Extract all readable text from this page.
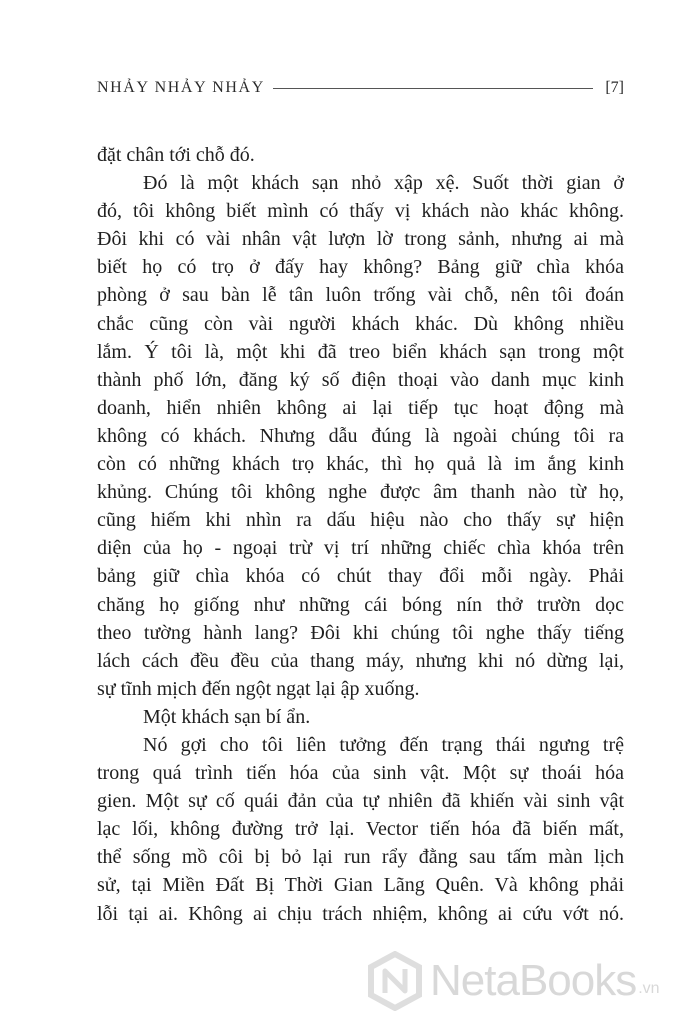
NHẢY NHẢY NHẢY	[7]
đặt chân tới chỗ đó.
Đó là một khách sạn nhỏ xập xệ. Suốt thời gian ở
đó, tôi không biết mình có thấy vị khách nào khác không.
Đôi khi có vài nhân vật lượn lờ trong sảnh, nhưng ai mà
biết họ có trọ ở đấy hay không? Bảng giữ chìa khóa
phòng ở sau bàn lễ tân luôn trống vài chỗ, nên tôi đoán
chắc cũng còn vài người khách khác. Dù không nhiều
lắm. Ý tôi là, một khi đã treo biển khách sạn trong một
thành phố lớn, đăng ký số điện thoại vào danh mục kinh
doanh, hiển nhiên không ai lại tiếp tục hoạt động mà
không có khách. Nhưng dẫu đúng là ngoài chúng tôi ra
còn có những khách trọ khác, thì họ quả là im ắng kinh
khủng. Chúng tôi không nghe được âm thanh nào từ họ,
cũng hiếm khi nhìn ra dấu hiệu nào cho thấy sự hiện
diện của họ - ngoại trừ vị trí những chiếc chìa khóa trên
bảng giữ chìa khóa có chút thay đổi mỗi ngày. Phải
chăng họ giống như những cái bóng nín thở trườn dọc
theo tường hành lang? Đôi khi chúng tôi nghe thấy tiếng
lách cách đều đều của thang máy, nhưng khi nó dừng lại,
sự tĩnh mịch đến ngột ngạt lại ập xuống.
Một khách sạn bí ẩn.
Nó gợi cho tôi liên tưởng đến trạng thái ngưng trệ
trong quá trình tiến hóa của sinh vật. Một sự thoái hóa
gien. Một sự cố quái đản của tự nhiên đã khiến vài sinh vật
lạc lối, không đường trở lại. Vector tiến hóa đã biến mất,
thể sống mồ côi bị bỏ lại run rẩy đằng sau tấm màn lịch
sử, tại Miền Đất Bị Thời Gian Lãng Quên. Và không phải
lỗi tại ai. Không ai chịu trách nhiệm, không ai cứu vớt nó.
NetaBooks .vn
